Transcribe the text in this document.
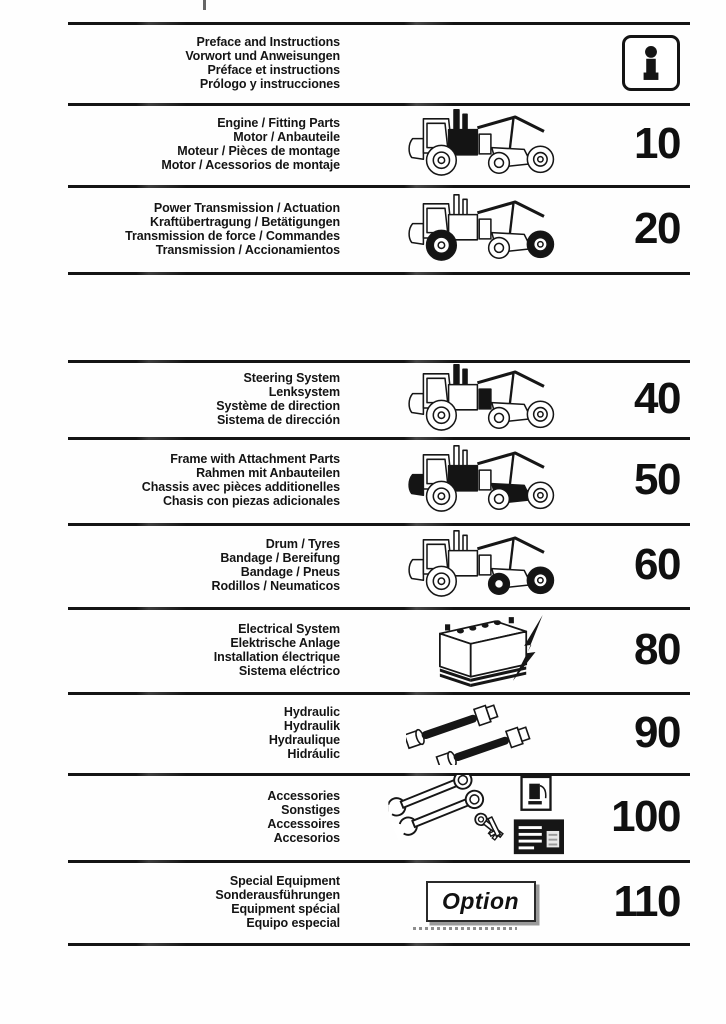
Preface and Instructions
Vorwort und Anweisungen
Préface et instructions
Prólogo y instrucciones
Engine / Fitting Parts
Motor / Anbauteile
Moteur / Pièces de montage
Motor / Acessorios de montaje	10
Power Transmission / Actuation
Kraftübertragung / Betätigungen
Transmission de force / Commandes
Transmission / Accionamientos	20
Steering System
Lenksystem
Système de direction
Sistema de dirección	40
Frame with Attachment Parts
Rahmen mit Anbauteilen
Chassis avec pièces additionelles
Chasis con piezas adicionales	50
Drum / Tyres
Bandage / Bereifung
Bandage / Pneus
Rodillos / Neumaticos	60
Electrical System
Elektrische Anlage
Installation électrique
Sistema eléctrico	80
Hydraulic
Hydraulik
Hydraulique
Hidráulic	90
Accessories
Sonstiges
Accessoires
Accesorios	100
Special Equipment
Sonderausführungen
Equipment spécial
Equipo especial
Option	110
